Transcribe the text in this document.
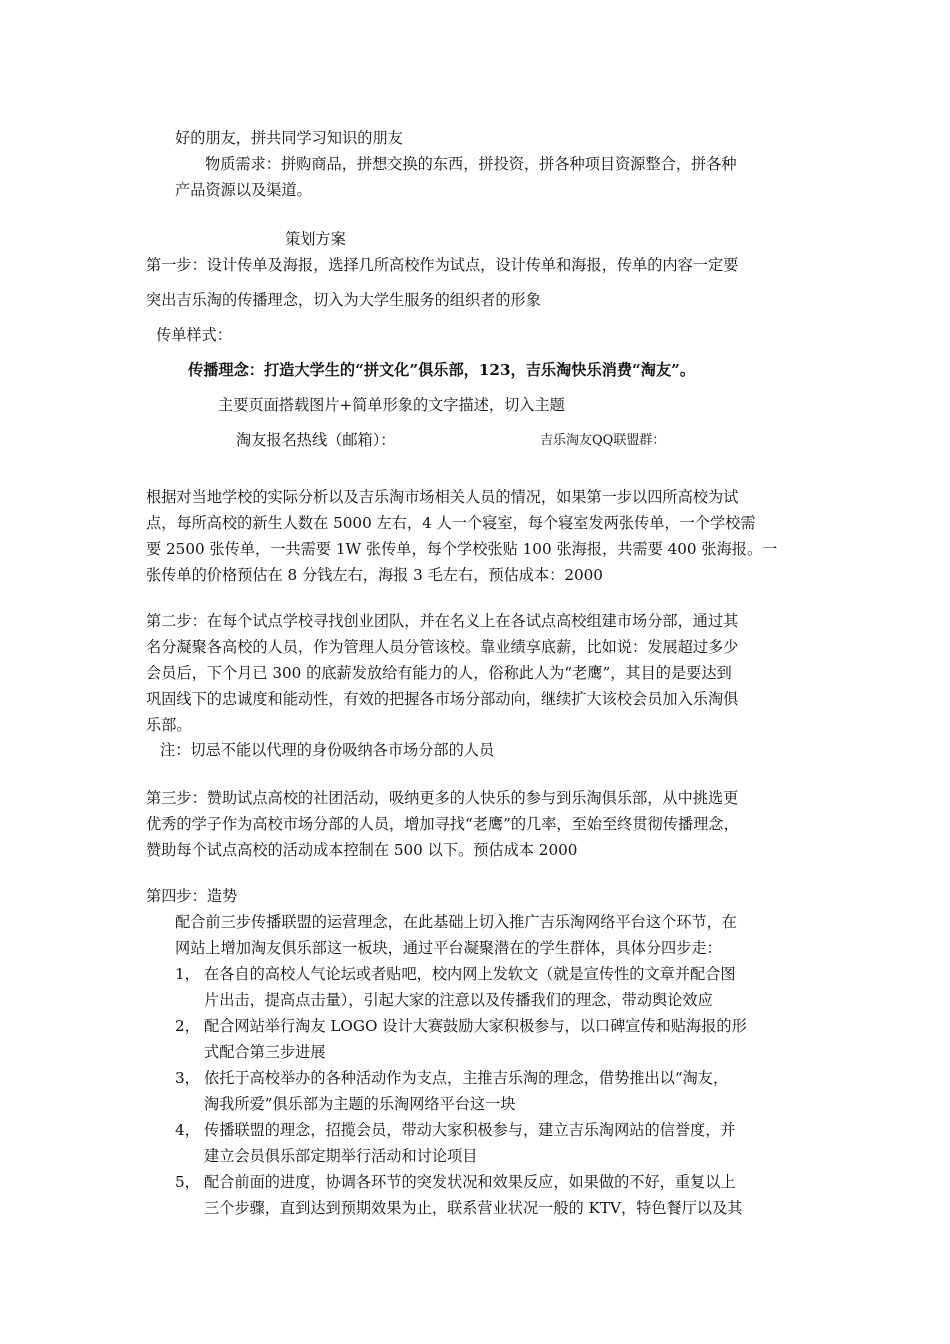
好的朋友，拼共同学习知识的朋友
物质需求：拼购商品，拼想交换的东西，拼投资，拼各种项目资源整合，拼各种
产品资源以及渠道。
策划方案
第一步：设计传单及海报，选择几所高校作为试点，设计传单和海报，传单的内容一定要
突出吉乐淘的传播理念，切入为大学生服务的组织者的形象
传单样式：
传播理念：打造大学生的“拼文化”俱乐部，123，吉乐淘快乐消费“淘友”。
主要页面搭载图片+简单形象的文字描述，切入主题
淘友报名热线（邮箱）：	吉乐淘友QQ联盟群：
根据对当地学校的实际分析以及吉乐淘市场相关人员的情况，如果第一步以四所高校为试
点，每所高校的新生人数在 5000 左右，4 人一个寝室，每个寝室发两张传单，一个学校需
要 2500 张传单，一共需要 1W 张传单，每个学校张贴 100 张海报，共需要 400 张海报。一
张传单的价格预估在 8 分钱左右，海报 3 毛左右，预估成本：2000
第二步：在每个试点学校寻找创业团队，并在名义上在各试点高校组建市场分部，通过其
名分凝聚各高校的人员，作为管理人员分管该校。靠业绩享底薪，比如说：发展超过多少
会员后，下个月已 300 的底薪发放给有能力的人，俗称此人为“老鹰”，其目的是要达到
巩固线下的忠诚度和能动性，有效的把握各市场分部动向，继续扩大该校会员加入乐淘俱
乐部。
注：切忌不能以代理的身份吸纳各市场分部的人员
第三步：赞助试点高校的社团活动，吸纳更多的人快乐的参与到乐淘俱乐部，从中挑选更
优秀的学子作为高校市场分部的人员，增加寻找“老鹰”的几率，至始至终贯彻传播理念，
赞助每个试点高校的活动成本控制在 500 以下。预估成本 2000
第四步：造势
配合前三步传播联盟的运营理念，在此基础上切入推广吉乐淘网络平台这个环节，在
网站上增加淘友俱乐部这一板块，通过平台凝聚潜在的学生群体，具体分四步走：
1， 在各自的高校人气论坛或者贴吧，校内网上发软文（就是宣传性的文章并配合图
片出击，提高点击量），引起大家的注意以及传播我们的理念，带动舆论效应
2， 配合网站举行淘友 LOGO 设计大赛鼓励大家积极参与，以口碑宣传和贴海报的形
式配合第三步进展
3， 依托于高校举办的各种活动作为支点，主推吉乐淘的理念，借势推出以“淘友，
淘我所爱”俱乐部为主题的乐淘网络平台这一块
4， 传播联盟的理念，招揽会员，带动大家积极参与，建立吉乐淘网站的信誉度，并
建立会员俱乐部定期举行活动和讨论项目
5， 配合前面的进度，协调各环节的突发状况和效果反应，如果做的不好，重复以上
三个步骤，直到达到预期效果为止，联系营业状况一般的 KTV，特色餐厅以及其
